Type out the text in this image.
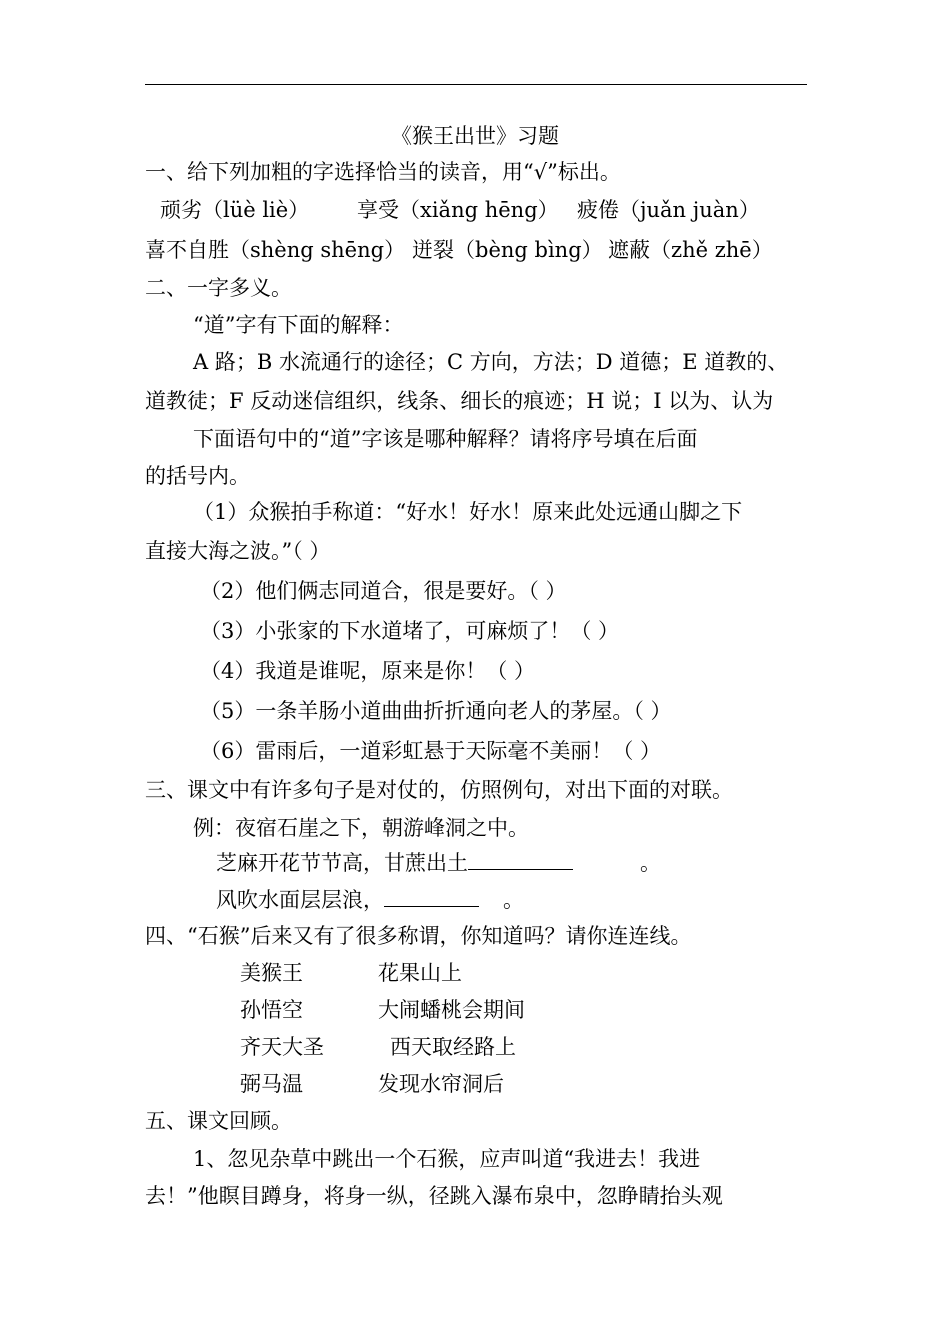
《猴王出世》习题
一、给下列加粗的字选择恰当的读音，用“√”标出。
顽劣（lüè liè） 享受（xiǎng hēng） 疲倦（juǎn juàn）
喜不自胜（shèng shēng） 迸裂（bèng bìng） 遮蔽（zhě zhē）
二、一字多义。
“道”字有下面的解释：
A 路；B 水流通行的途径；C 方向，方法；D 道德；E 道教的、
道教徒；F 反动迷信组织，线条、细长的痕迹；H 说；I 以为、认为
下面语句中的“道”字该是哪种解释？请将序号填在后面
的括号内。
（1）众猴拍手称道：“好水！好水！原来此处远通山脚之下
直接大海之波。”（ ）
（2）他们俩志同道合，很是要好。（ ）
（3）小张家的下水道堵了，可麻烦了！（ ）
（4）我道是谁呢，原来是你！（ ）
（5）一条羊肠小道曲曲折折通向老人的茅屋。（ ）
（6）雷雨后，一道彩虹悬于天际毫不美丽！（ ）
三、课文中有许多句子是对仗的，仿照例句，对出下面的对联。
例：夜宿石崖之下，朝游峰洞之中。
芝麻开花节节高，甘蔗出土	。
风吹水面层层浪，	。
四、“石猴”后来又有了很多称谓，你知道吗？请你连连线。
美猴王	花果山上
孙悟空	大闹蟠桃会期间
齐天大圣	西天取经路上
弼马温	发现水帘洞后
五、课文回顾。
1、忽见杂草中跳出一个石猴，应声叫道“我进去！我进
去！”他瞑目蹲身，将身一纵，径跳入瀑布泉中，忽睁睛抬头观
